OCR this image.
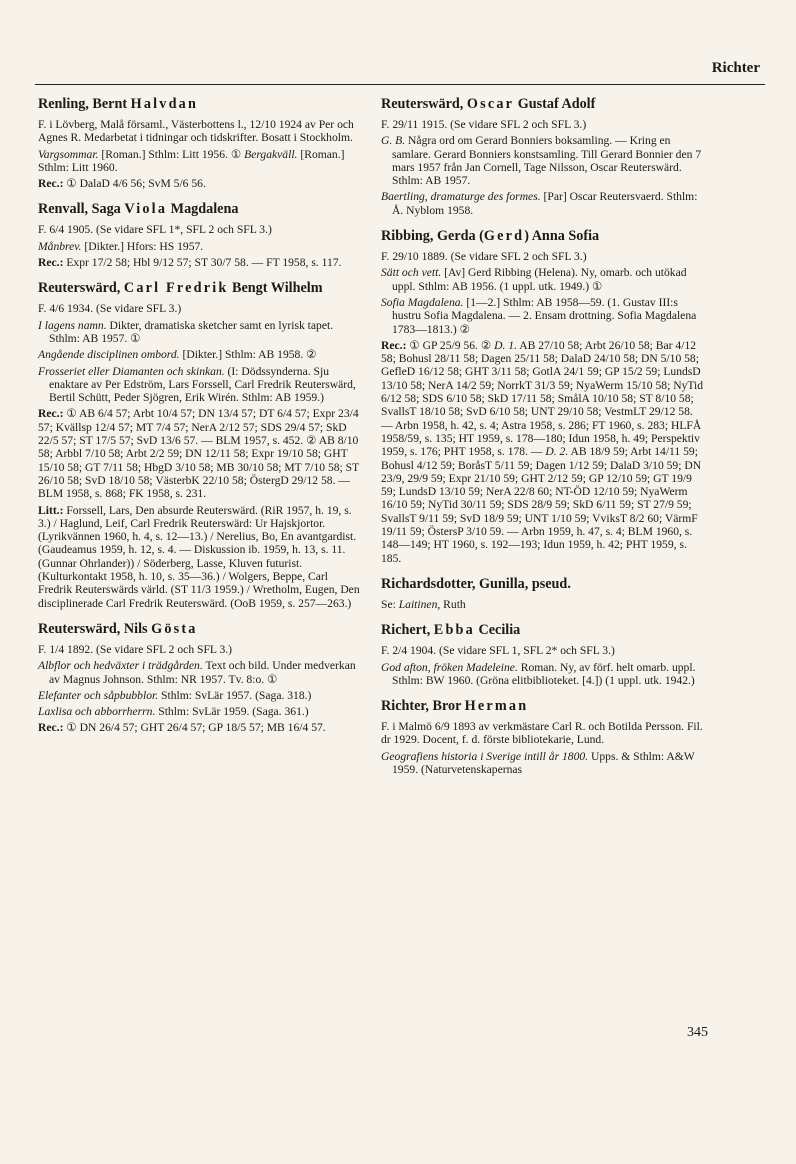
Richter
Renling, Bernt Halvdan
F. i Lövberg, Malå församl., Västerbottens l., 12/10 1924 av Per och Agnes R. Medarbetat i tidningar och tidskrifter. Bosatt i Stockholm.
Vargsommar. [Roman.] Sthlm: Litt 1956. ① Bergakväll. [Roman.] Sthlm: Litt 1960.
Rec.: ① DalaD 4/6 56; SvM 5/6 56.
Renvall, Saga Viola Magdalena
F. 6/4 1905. (Se vidare SFL 1*, SFL 2 och SFL 3.)
Månbrev. [Dikter.] Hfors: HS 1957.
Rec.: Expr 17/2 58; Hbl 9/12 57; ST 30/7 58. — FT 1958, s. 117.
Reuterswärd, Carl Fredrik Bengt Wilhelm
F. 4/6 1934. (Se vidare SFL 3.)
I lagens namn. Dikter, dramatiska sketcher samt en lyrisk tapet. Sthlm: AB 1957. ①
Angående disciplinen ombord. [Dikter.] Sthlm: AB 1958. ②
Frosseriet eller Diamanten och skinkan. (I: Dödssynderna. Sju enaktare av Per Edström, Lars Forssell, Carl Fredrik Reuterswärd, Bertil Schütt, Peder Sjögren, Erik Wirén. Sthlm: AB 1959.)
Rec.: ① AB 6/4 57; Arbt 10/4 57; DN 13/4 57; DT 6/4 57; Expr 23/4 57; Kvällsp 12/4 57; MT 7/4 57; NerA 2/12 57; SDS 29/4 57; SkD 22/5 57; ST 17/5 57; SvD 13/6 57. — BLM 1957, s. 452. ② AB 8/10 58; Arbbl 7/10 58; Arbt 2/2 59; DN 12/11 58; Expr 19/10 58; GHT 15/10 58; GT 7/11 58; HbgD 3/10 58; MB 30/10 58; MT 7/10 58; ST 26/10 58; SvD 18/10 58; VästerbK 22/10 58; ÖstergD 29/12 58. — BLM 1958, s. 868; FK 1958, s. 231.
Litt.: Forssell, Lars, Den absurde Reuterswärd. (RiR 1957, h. 19, s. 3.) / Haglund, Leif, Carl Fredrik Reuterswärd: Ur Hajskjortor. (Lyrikvännen 1960, h. 4, s. 12—13.) / Nerelius, Bo, En avantgardist. (Gaudeamus 1959, h. 12, s. 4. — Diskussion ib. 1959, h. 13, s. 11. (Gunnar Ohrlander)) / Söderberg, Lasse, Kluven futurist. (Kulturkontakt 1958, h. 10, s. 35—36.) / Wolgers, Beppe, Carl Fredrik Reuterswärds värld. (ST 11/3 1959.) / Wretholm, Eugen, Den disciplinerade Carl Fredrik Reuterswärd. (OoB 1959, s. 257—263.)
Reuterswärd, Nils Gösta
F. 1/4 1892. (Se vidare SFL 2 och SFL 3.)
Albflor och hedväxter i trädgården. Text och bild. Under medverkan av Magnus Johnson. Sthlm: NR 1957. Tv. 8:o. ①
Elefanter och såpbubblor. Sthlm: SvLär 1957. (Saga. 318.)
Laxlisa och abborrherrn. Sthlm: SvLär 1959. (Saga. 361.)
Rec.: ① DN 26/4 57; GHT 26/4 57; GP 18/5 57; MB 16/4 57.
Reuterswärd, Oscar Gustaf Adolf
F. 29/11 1915. (Se vidare SFL 2 och SFL 3.)
G. B. Några ord om Gerard Bonniers boksamling. — Kring en samlare. Gerard Bonniers konstsamling. Till Gerard Bonnier den 7 mars 1957 från Jan Cornell, Tage Nilsson, Oscar Reuterswärd. Sthlm: AB 1957.
Baertling, dramaturge des formes. [Par] Oscar Reutersvaerd. Sthlm: Å. Nyblom 1958.
Ribbing, Gerda (Gerd) Anna Sofia
F. 29/10 1889. (Se vidare SFL 2 och SFL 3.)
Sätt och vett. [Av] Gerd Ribbing (Helena). Ny, omarb. och utökad uppl. Sthlm: AB 1956. (1 uppl. utk. 1949.) ①
Sofia Magdalena. [1—2.] Sthlm: AB 1958—59. (1. Gustav III:s hustru Sofia Magdalena. — 2. Ensam drottning. Sofia Magdalena 1783—1813.) ②
Rec.: ① GP 25/9 56. ② D. 1. AB 27/10 58; Arbt 26/10 58; Bar 4/12 58; Bohusl 28/11 58; Dagen 25/11 58; DalaD 24/10 58; DN 5/10 58; GefleD 16/12 58; GHT 3/11 58; GotlA 24/1 59; GP 15/2 59; LundsD 13/10 58; NerA 14/2 59; NorrkT 31/3 59; NyaWerm 15/10 58; NyTid 6/12 58; SDS 6/10 58; SkD 17/11 58; SmålA 10/10 58; ST 8/10 58; SvallsT 18/10 58; SvD 6/10 58; UNT 29/10 58; VestmLT 29/12 58. — Arbn 1958, h. 42, s. 4; Astra 1958, s. 286; FT 1960, s. 283; HLFÅ 1958/59, s. 135; HT 1959, s. 178—180; Idun 1958, h. 49; Perspektiv 1959, s. 176; PHT 1958, s. 178. — D. 2. AB 18/9 59; Arbt 14/11 59; Bohusl 4/12 59; BoråsT 5/11 59; Dagen 1/12 59; DalaD 3/10 59; DN 23/9, 29/9 59; Expr 21/10 59; GHT 2/12 59; GP 12/10 59; GT 19/9 59; LundsD 13/10 59; NerA 22/8 60; NT-ÖD 12/10 59; NyaWerm 16/10 59; NyTid 30/11 59; SDS 28/9 59; SkD 6/11 59; ST 27/9 59; SvallsT 9/11 59; SvD 18/9 59; UNT 1/10 59; VviksT 8/2 60; VärmF 19/11 59; ÖstersP 3/10 59. — Arbn 1959, h. 47, s. 4; BLM 1960, s. 148—149; HT 1960, s. 192—193; Idun 1959, h. 42; PHT 1959, s. 185.
Richardsdotter, Gunilla, pseud.
Se: Laitinen, Ruth
Richert, Ebba Cecilia
F. 2/4 1904. (Se vidare SFL 1, SFL 2* och SFL 3.)
God afton, fröken Madeleine. Roman. Ny, av förf. helt omarb. uppl. Sthlm: BW 1960. (Gröna elitbiblioteket. [4.]) (1 uppl. utk. 1942.)
Richter, Bror Herman
F. i Malmö 6/9 1893 av verkmästare Carl R. och Botilda Persson. Fil. dr 1929. Docent, f. d. förste bibliotekarie, Lund.
Geografiens historia i Sverige intill år 1800. Upps. & Sthlm: A&W 1959. (Naturvetenskapernas
345
